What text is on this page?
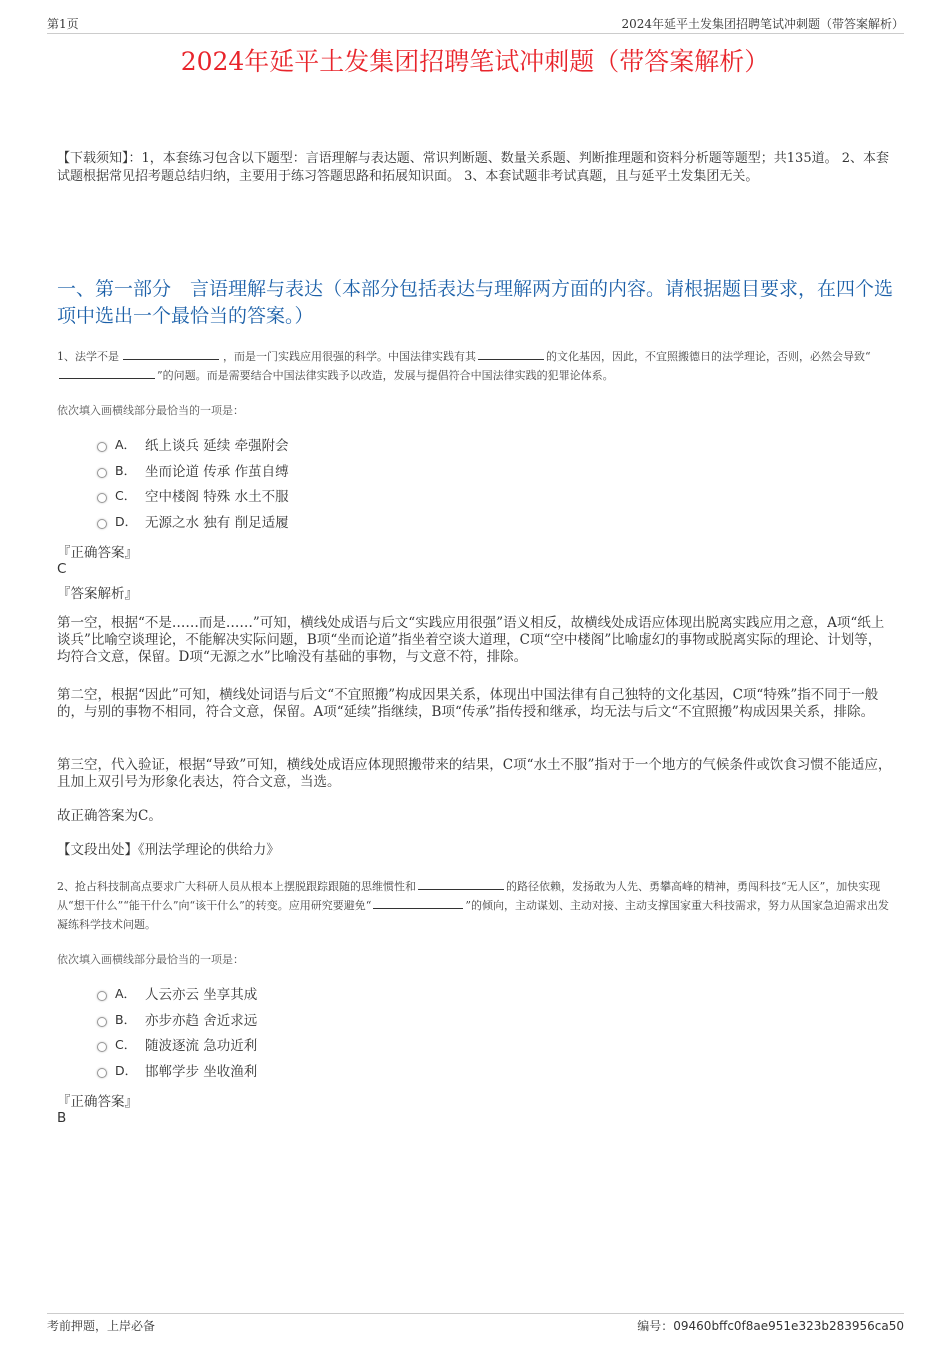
第1页	2024年延平土发集团招聘笔试冲刺题（带答案解析）
2024年延平土发集团招聘笔试冲刺题（带答案解析）
【下载须知】：1，本套练习包含以下题型：言语理解与表达题、常识判断题、数量关系题、判断推理题和资料分析题等题型；共135道。 2、本套试题根据常见招考题总结归纳，主要用于练习答题思路和拓展知识面。 3、本套试题非考试真题，且与延平土发集团无关。
一、第一部分　言语理解与表达（本部分包括表达与理解两方面的内容。请根据题目要求，在四个选项中选出一个最恰当的答案。）
1、法学不是	，而是一门实践应用很强的科学。中国法律实践有其	的文化基因，因此，不宜照搬德日的法学理论，否则，必然会导致“”的问题。而是需要结合中国法律实践予以改造，发展与提倡符合中国法律实践的犯罪论体系。
依次填入画横线部分最恰当的一项是：
A． 纸上谈兵 延续 牵强附会
B． 坐而论道 传承 作茧自缚
C． 空中楼阁 特殊 水土不服
D． 无源之水 独有 削足适履
『正确答案』
C
『答案解析』
第一空，根据“不是……而是……”可知，横线处成语与后文“实践应用很强”语义相反，故横线处成语应体现出脱离实践应用之意，A项“纸上谈兵”比喻空谈理论，不能解决实际问题，B项“坐而论道”指坐着空谈大道理，C项“空中楼阁”比喻虚幻的事物或脱离实际的理论、计划等，均符合文意，保留。D项“无源之水”比喻没有基础的事物，与文意不符，排除。
第二空，根据“因此”可知，横线处词语与后文“不宜照搬”构成因果关系，体现出中国法律有自己独特的文化基因，C项“特殊”指不同于一般的，与别的事物不相同，符合文意，保留。A项“延续”指继续，B项“传承”指传授和继承，均无法与后文“不宜照搬”构成因果关系，排除。
第三空，代入验证，根据“导致”可知，横线处成语应体现照搬带来的结果，C项“水土不服”指对于一个地方的气候条件或饮食习惯不能适应，且加上双引号为形象化表达，符合文意，当选。
故正确答案为C。
【文段出处】《刑法学理论的供给力》
2、抢占科技制高点要求广大科研人员从根本上摆脱跟踪跟随的思维惯性和	的路径依赖，发扬敢为人先、勇攀高峰的精神，勇闯科技“无人区”，加快实现从“想干什么”“能干什么”向“该干什么”的转变。应用研究要避免“	”的倾向，主动谋划、主动对接、主动支撑国家重大科技需求，努力从国家急迫需求出发凝练科学技术问题。
依次填入画横线部分最恰当的一项是：
A． 人云亦云 坐享其成
B． 亦步亦趋 舍近求远
C． 随波逐流 急功近利
D． 邯郸学步 坐收渔利
『正确答案』
B
考前押题，上岸必备	编号：09460bffc0f8ae951e323b283956ca50
